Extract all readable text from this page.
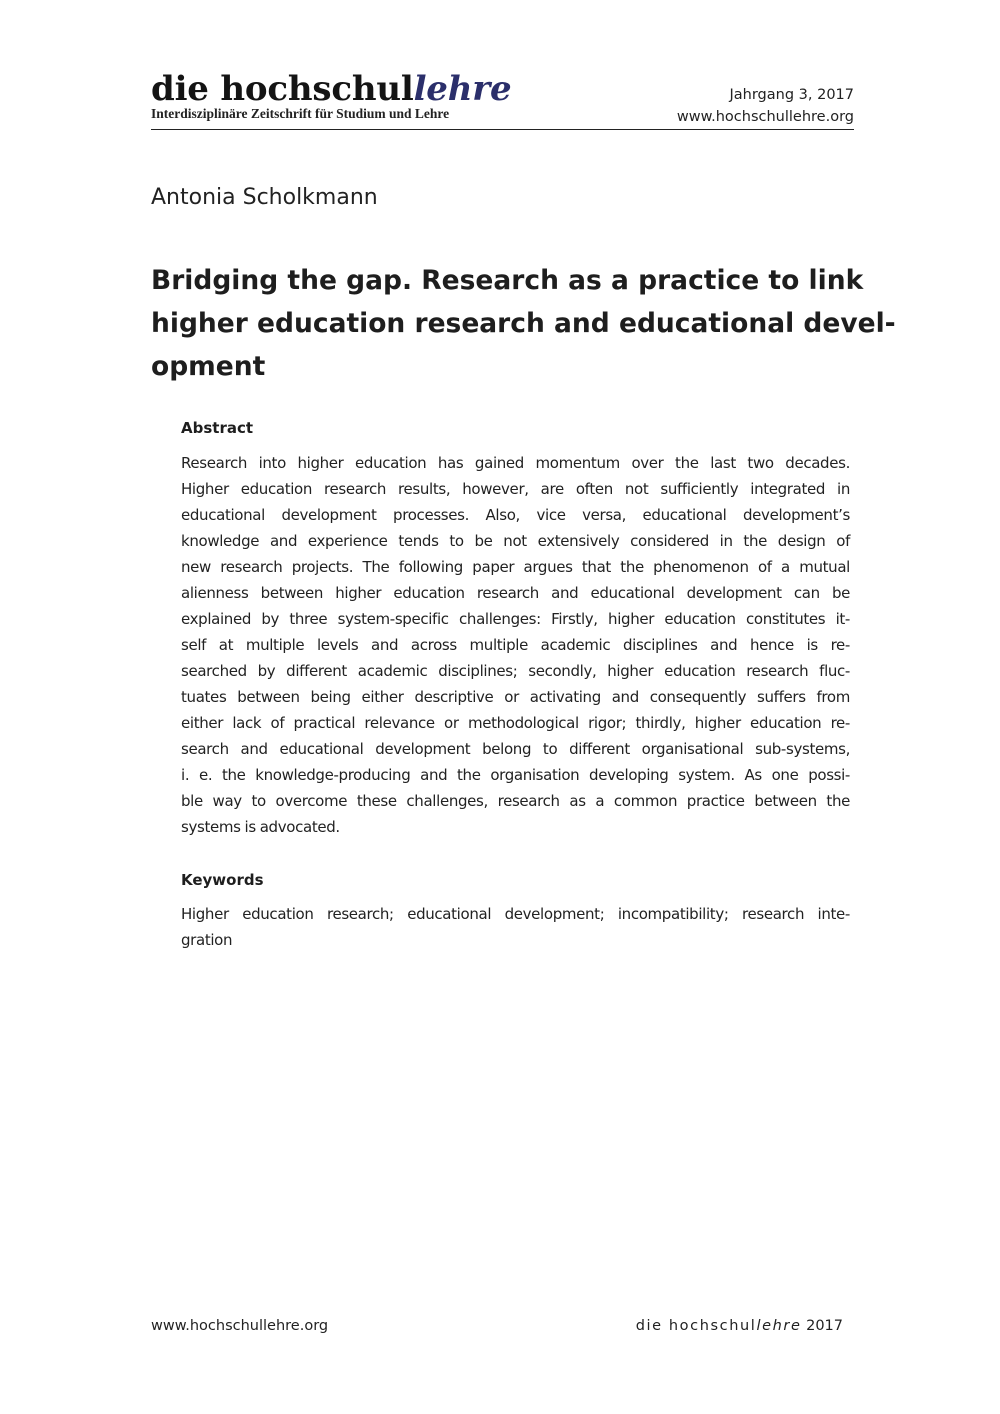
die hochschullehre
Interdisziplinäre Zeitschrift für Studium und Lehre
Jahrgang 3, 2017
www.hochschullehre.org
Antonia Scholkmann
Bridging the gap. Research as a practice to link
higher education research and educational devel-
opment
Abstract
Research into higher education has gained momentum over the last two decades.
Higher education research results, however, are often not sufficiently integrated in
educational development processes. Also, vice versa, educational development’s
knowledge and experience tends to be not extensively considered in the design of
new research projects. The following paper argues that the phenomenon of a mutual
alienness between higher education research and educational development can be
explained by three system-specific challenges: Firstly, higher education constitutes it-
self at multiple levels and across multiple academic disciplines and hence is re-
searched by different academic disciplines; secondly, higher education research fluc-
tuates between being either descriptive or activating and consequently suffers from
either lack of practical relevance or methodological rigor; thirdly, higher education re-
search and educational development belong to different organisational sub-systems,
i. e. the knowledge-producing and the organisation developing system. As one possi-
ble way to overcome these challenges, research as a common practice between the
systems is advocated.
Keywords
Higher education research; educational development; incompatibility; research inte-
gration
www.hochschullehre.org	die hochschullehre 2017
